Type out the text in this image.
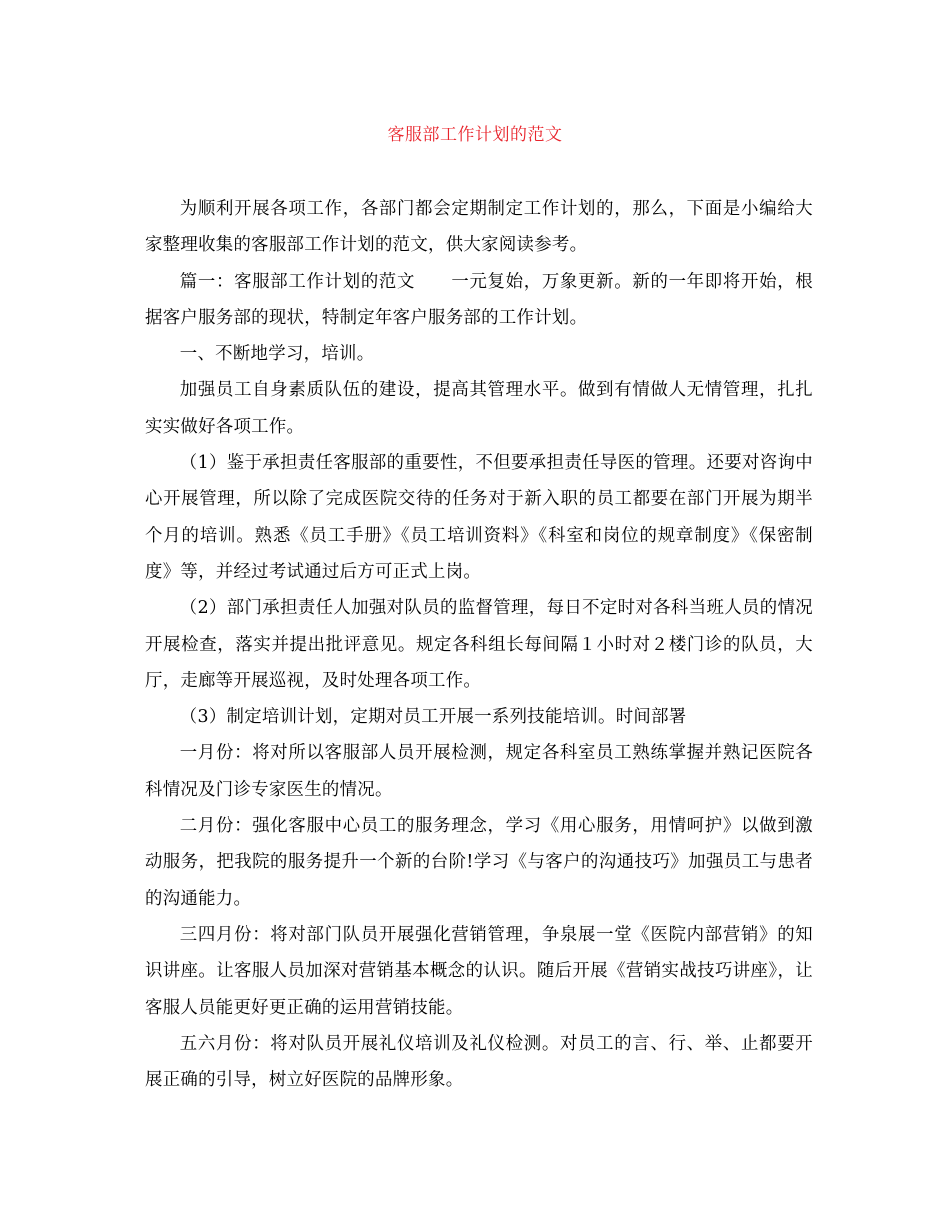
客服部工作计划的范文

为顺利开展各项工作，各部门都会定期制定工作计划的，那么，下面是小编给大家整理收集的客服部工作计划的范文，供大家阅读参考。

篇一：客服部工作计划的范文　　一元复始，万象更新。新的一年即将开始，根据客户服务部的现状，特制定年客户服务部的工作计划。

一、不断地学习，培训。

加强员工自身素质队伍的建设，提高其管理水平。做到有情做人无情管理，扎扎实实做好各项工作。

（1）鉴于承担责任客服部的重要性，不但要承担责任导医的管理。还要对咨询中心开展管理，所以除了完成医院交待的任务对于新入职的员工都要在部门开展为期半个月的培训。熟悉《员工手册》《员工培训资料》《科室和岗位的规章制度》《保密制度》等，并经过考试通过后方可正式上岗。

（2）部门承担责任人加强对队员的监督管理，每日不定时对各科当班人员的情况开展检查，落实并提出批评意见。规定各科组长每间隔１小时对２楼门诊的队员，大厅，走廊等开展巡视，及时处理各项工作。

（3）制定培训计划，定期对员工开展一系列技能培训。时间部署

一月份：将对所以客服部人员开展检测，规定各科室员工熟练掌握并熟记医院各科情况及门诊专家医生的情况。

二月份：强化客服中心员工的服务理念，学习《用心服务，用情呵护》以做到激动服务，把我院的服务提升一个新的台阶!学习《与客户的沟通技巧》加强员工与患者的沟通能力。

三四月份：将对部门队员开展强化营销管理，争泉展一堂《医院内部营销》的知识讲座。让客服人员加深对营销基本概念的认识。随后开展《营销实战技巧讲座》，让客服人员能更好更正确的运用营销技能。

五六月份：将对队员开展礼仪培训及礼仪检测。对员工的言、行、举、止都要开展正确的引导，树立好医院的品牌形象。
